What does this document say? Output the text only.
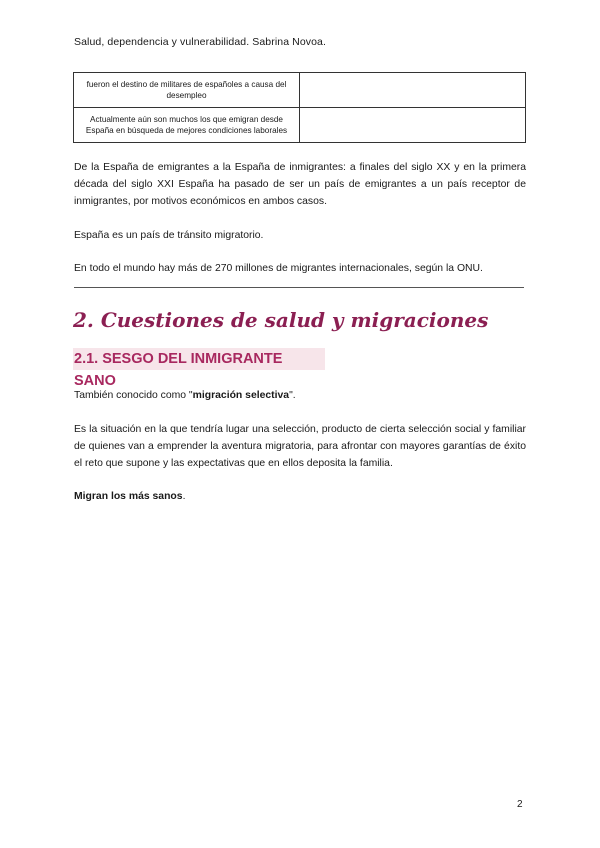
Salud, dependencia y vulnerabilidad. Sabrina Novoa.
fueron el destino de militares de españoles a causa del desempleo	
Actualmente aún son muchos los que emigran desde España en búsqueda de mejores condiciones laborales	

De la España de emigrantes a la España de inmigrantes: a finales del siglo XX y en la primera década del siglo XXI España ha pasado de ser un país de emigrantes a un país receptor de inmigrantes, por motivos económicos en ambos casos.

España es un país de tránsito migratorio.

En todo el mundo hay más de 270 millones de migrantes internacionales, según la ONU.

2. Cuestiones de salud y migraciones
2.1. SESGO DEL INMIGRANTE SANO

También conocido como "migración selectiva".

Es la situación en la que tendría lugar una selección, producto de cierta selección social y familiar de quienes van a emprender la aventura migratoria, para afrontar con mayores garantías de éxito el reto que supone y las expectativas que en ellos deposita la familia.

Migran los más sanos.

2
